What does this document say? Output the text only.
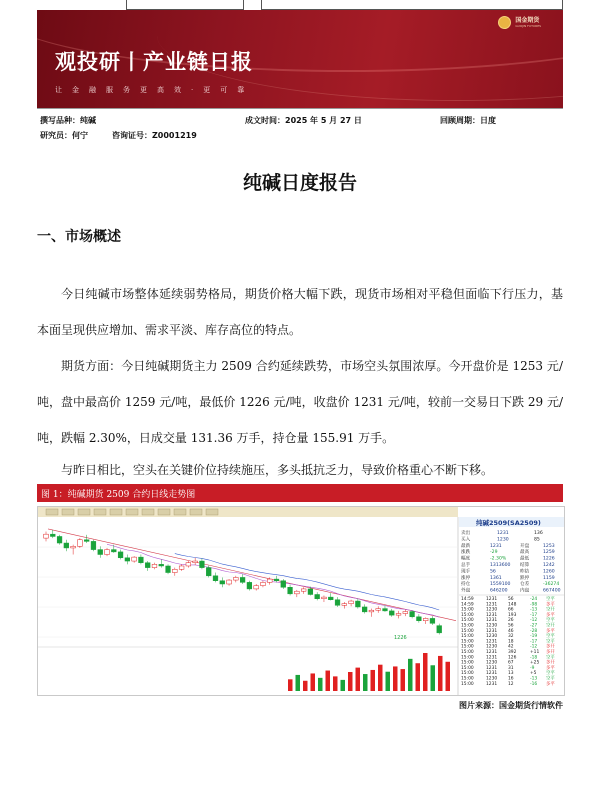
国金期货
GUOJIN FUTURES
观投研丨产业链日报
让金融服务更高效·更可靠
撰写品种：纯碱	成文时间：2025 年 5 月 27 日	回顾周期：日度
研究员：何宁	咨询证号：Z0001219
纯碱日度报告
一、市场概述
今日纯碱市场整体延续弱势格局，期货价格大幅下跌，现货市场相对平稳但面临下行压力，基本面呈现供应增加、需求平淡、库存高位的特点。
期货方面：今日纯碱期货主力 2509 合约延续跌势，市场空头氛围浓厚。今开盘价是 1253 元/吨，盘中最高价 1259 元/吨，最低价 1226 元/吨，收盘价 1231 元/吨，较前一交易日下跌 29 元/吨，跌幅 2.30%，日成交量 131.36 万手，持仓量 155.91 万手。
与昨日相比，空头在关键价位持续施压，多头抵抗乏力，导致价格重心不断下移。
图 1：纯碱期货 2509 合约日线走势图
1226
纯碱2509(SA2509)
卖出	1231	136
买入	1230	85
最新	1231	开盘	1253
涨跌	-29	最高	1259
幅度	-2.30%	最低	1226
总手	1313600 结算	1242
现手	56	昨结	1260
涨停	1361	跌停	1159
持仓	1559100 仓差	-36274
外盘	646200	内盘	667400
14:59	1231 56	-24 空平
14:59	1231 148	-98 多平
15:00	1230 66	-13 空开
15:00	1231 193	-17 多平
15:00	1231 26	-12 空平
15:00	1230 56	-27 空开
15:00	1231 46	-28 多平
15:00	1230 32	-19 空平
15:00	1231 18	-17 空平
15:00	1230 42	-12 多开
15:00	1231 392	+11 多开
15:00	1231 126	-18 空平
15:00	1230 67	+25 多开
15:00	1231 31	-9	多平
15:00	1231 13	+5 空平
15:00	1230 16	-13 空平
15:00	1231 12	-16 多平
图片来源：国金期货行情软件
